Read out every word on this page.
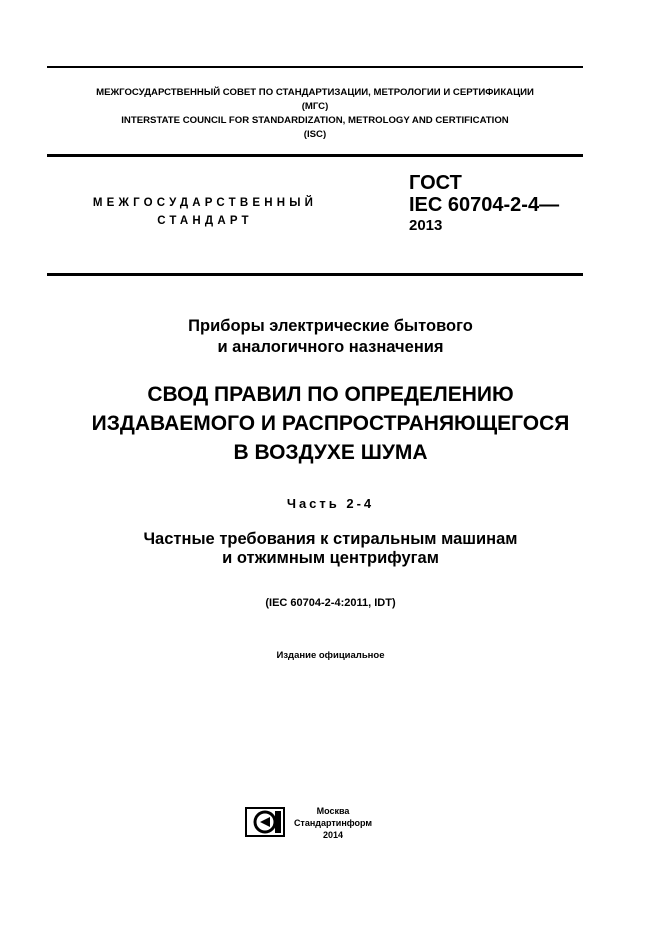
МЕЖГОСУДАРСТВЕННЫЙ СОВЕТ ПО СТАНДАРТИЗАЦИИ, МЕТРОЛОГИИ И СЕРТИФИКАЦИИ
(МГС)
INTERSTATE COUNCIL FOR STANDARDIZATION, METROLOGY AND CERTIFICATION
(ISC)
МЕЖГОСУДАРСТВЕННЫЙ
СТАНДАРТ
ГОСТ
IEC 60704-2-4—
2013
Приборы электрические бытового
и аналогичного назначения
СВОД ПРАВИЛ ПО ОПРЕДЕЛЕНИЮ
ИЗДАВАЕМОГО И РАСПРОСТРАНЯЮЩЕГОСЯ
В ВОЗДУХЕ ШУМА
Часть 2-4
Частные требования к стиральным машинам
и отжимным центрифугам
(IEC 60704-2-4:2011, IDT)
Издание официальное
Москва
Стандартинформ
2014
